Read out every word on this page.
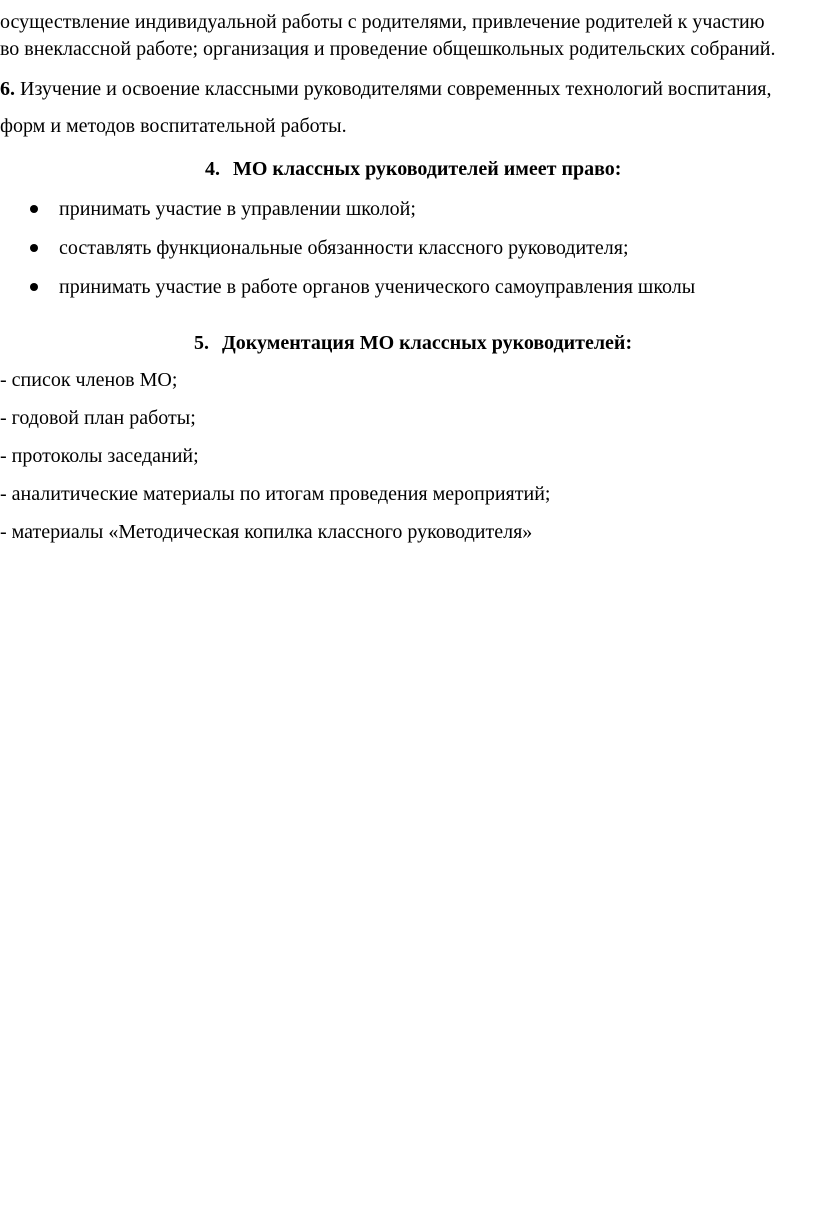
осуществление индивидуальной работы с родителями, привлечение родителей к участию
во внеклассной работе; организация и проведение общешкольных родительских собраний.
6. Изучение и освоение классными руководителями современных технологий воспитания,
форм и методов воспитательной работы.
4. МО классных руководителей имеет право:
принимать участие в управлении школой;
составлять функциональные обязанности классного руководителя;
принимать участие в работе органов ученического самоуправления школы
5. Документация МО классных руководителей:
- список членов МО;
- годовой план работы;
- протоколы заседаний;
- аналитические материалы по итогам проведения мероприятий;
- материалы «Методическая копилка классного руководителя»
